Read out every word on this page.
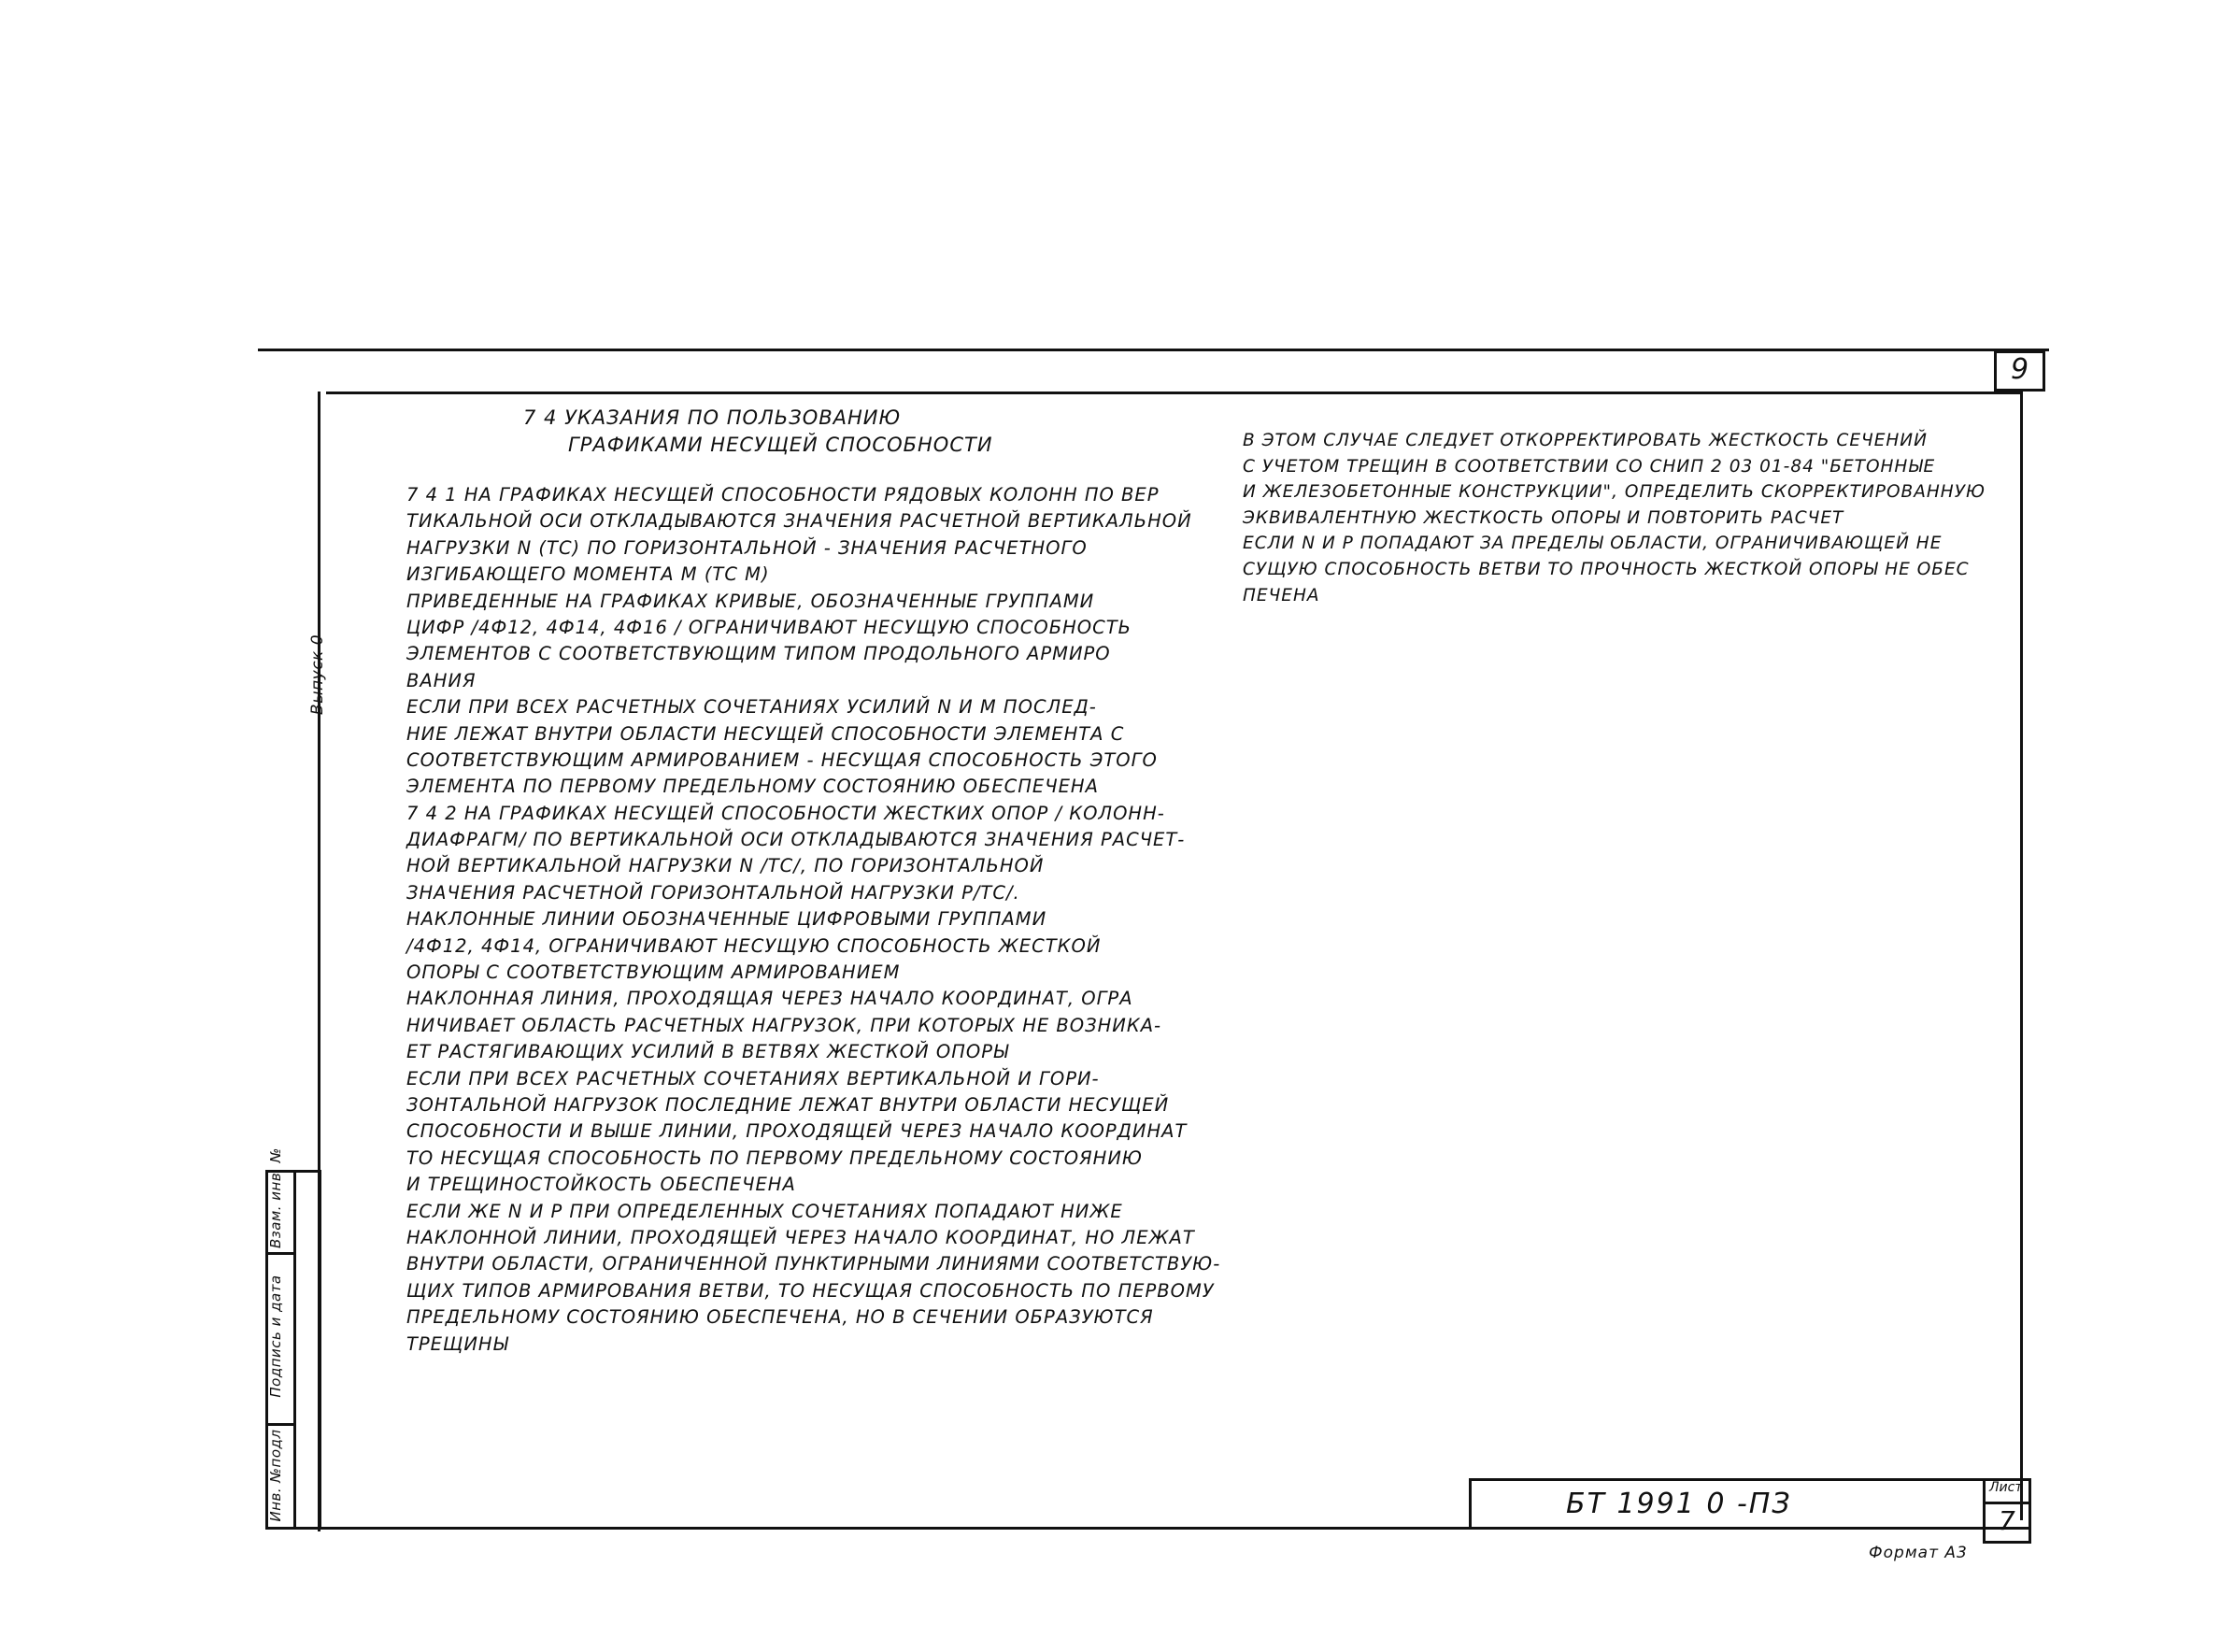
9
Выпуск 0
Инв. №подл
Подпись и дата
Взам. инв. №
7 4 УКАЗАНИЯ ПО ПОЛЬЗОВАНИЮ
ГРАФИКАМИ НЕСУЩЕЙ СПОСОБНОСТИ
7 4 1 НА ГРАФИКАХ НЕСУЩЕЙ СПОСОБНОСТИ РЯДОВЫХ КОЛОНН ПО ВЕР
ТИКАЛЬНОЙ ОСИ ОТКЛАДЫВАЮТСЯ ЗНАЧЕНИЯ РАСЧЕТНОЙ ВЕРТИКАЛЬНОЙ
НАГРУЗКИ N (ТС) ПО ГОРИЗОНТАЛЬНОЙ - ЗНАЧЕНИЯ РАСЧЕТНОГО
ИЗГИБАЮЩЕГО МОМЕНТА M (ТС М)
ПРИВЕДЕННЫЕ НА ГРАФИКАХ КРИВЫЕ, ОБОЗНАЧЕННЫЕ ГРУППАМИ
ЦИФР /4Ф12, 4Ф14, 4Ф16 / ОГРАНИЧИВАЮТ НЕСУЩУЮ СПОСОБНОСТЬ
ЭЛЕМЕНТОВ С СООТВЕТСТВУЮЩИМ ТИПОМ ПРОДОЛЬНОГО АРМИРО
ВАНИЯ
ЕСЛИ ПРИ ВСЕХ РАСЧЕТНЫХ СОЧЕТАНИЯХ УСИЛИЙ N И M ПОСЛЕД-
НИЕ ЛЕЖАТ ВНУТРИ ОБЛАСТИ НЕСУЩЕЙ СПОСОБНОСТИ ЭЛЕМЕНТА С
СООТВЕТСТВУЮЩИМ АРМИРОВАНИЕМ - НЕСУЩАЯ СПОСОБНОСТЬ ЭТОГО
ЭЛЕМЕНТА ПО ПЕРВОМУ ПРЕДЕЛЬНОМУ СОСТОЯНИЮ ОБЕСПЕЧЕНА
7 4 2 НА ГРАФИКАХ НЕСУЩЕЙ СПОСОБНОСТИ ЖЕСТКИХ ОПОР / КОЛОНН-
ДИАФРАГМ/ ПО ВЕРТИКАЛЬНОЙ ОСИ ОТКЛАДЫВАЮТСЯ ЗНАЧЕНИЯ РАСЧЕТ-
НОЙ ВЕРТИКАЛЬНОЙ НАГРУЗКИ N /ТС/, ПО ГОРИЗОНТАЛЬНОЙ
ЗНАЧЕНИЯ РАСЧЕТНОЙ ГОРИЗОНТАЛЬНОЙ НАГРУЗКИ P/ТС/.
НАКЛОННЫЕ ЛИНИИ ОБОЗНАЧЕННЫЕ ЦИФРОВЫМИ ГРУППАМИ
/4Ф12, 4Ф14, ОГРАНИЧИВАЮТ НЕСУЩУЮ СПОСОБНОСТЬ ЖЕСТКОЙ
ОПОРЫ С СООТВЕТСТВУЮЩИМ АРМИРОВАНИЕМ
НАКЛОННАЯ ЛИНИЯ, ПРОХОДЯЩАЯ ЧЕРЕЗ НАЧАЛО КООРДИНАТ, ОГРА
НИЧИВАЕТ ОБЛАСТЬ РАСЧЕТНЫХ НАГРУЗОК, ПРИ КОТОРЫХ НЕ ВОЗНИКА-
ЕТ РАСТЯГИВАЮЩИХ УСИЛИЙ В ВЕТВЯХ ЖЕСТКОЙ ОПОРЫ
ЕСЛИ ПРИ ВСЕХ РАСЧЕТНЫХ СОЧЕТАНИЯХ ВЕРТИКАЛЬНОЙ И ГОРИ-
ЗОНТАЛЬНОЙ НАГРУЗОК ПОСЛЕДНИЕ ЛЕЖАТ ВНУТРИ ОБЛАСТИ НЕСУЩЕЙ
СПОСОБНОСТИ И ВЫШЕ ЛИНИИ, ПРОХОДЯЩЕЙ ЧЕРЕЗ НАЧАЛО КООРДИНАТ
ТО НЕСУЩАЯ СПОСОБНОСТЬ ПО ПЕРВОМУ ПРЕДЕЛЬНОМУ СОСТОЯНИЮ
И ТРЕЩИНОСТОЙКОСТЬ ОБЕСПЕЧЕНА
ЕСЛИ ЖЕ N И P ПРИ ОПРЕДЕЛЕННЫХ СОЧЕТАНИЯХ ПОПАДАЮТ НИЖЕ
НАКЛОННОЙ ЛИНИИ, ПРОХОДЯЩЕЙ ЧЕРЕЗ НАЧАЛО КООРДИНАТ, НО ЛЕЖАТ
ВНУТРИ ОБЛАСТИ, ОГРАНИЧЕННОЙ ПУНКТИРНЫМИ ЛИНИЯМИ СООТВЕТСТВУЮ-
ЩИХ ТИПОВ АРМИРОВАНИЯ ВЕТВИ, ТО НЕСУЩАЯ СПОСОБНОСТЬ ПО ПЕРВОМУ
ПРЕДЕЛЬНОМУ СОСТОЯНИЮ ОБЕСПЕЧЕНА, НО В СЕЧЕНИИ ОБРАЗУЮТСЯ
ТРЕЩИНЫ
В ЭТОМ СЛУЧАЕ СЛЕДУЕТ ОТКОРРЕКТИРОВАТЬ ЖЕСТКОСТЬ СЕЧЕНИЙ
С УЧЕТОМ ТРЕЩИН В СООТВЕТСТВИИ СО СНИП 2 03 01-84 "БЕТОННЫЕ
И ЖЕЛЕЗОБЕТОННЫЕ КОНСТРУКЦИИ", ОПРЕДЕЛИТЬ СКОРРЕКТИРОВАННУЮ
ЭКВИВАЛЕНТНУЮ ЖЕСТКОСТЬ ОПОРЫ И ПОВТОРИТЬ РАСЧЕТ
ЕСЛИ N И P ПОПАДАЮТ ЗА ПРЕДЕЛЫ ОБЛАСТИ, ОГРАНИЧИВАЮЩЕЙ НЕ
СУЩУЮ СПОСОБНОСТЬ ВЕТВИ ТО ПРОЧНОСТЬ ЖЕСТКОЙ ОПОРЫ НЕ ОБЕС
ПЕЧЕНА
БТ 1991 0 -ПЗ	Лист
7
Формат А3
